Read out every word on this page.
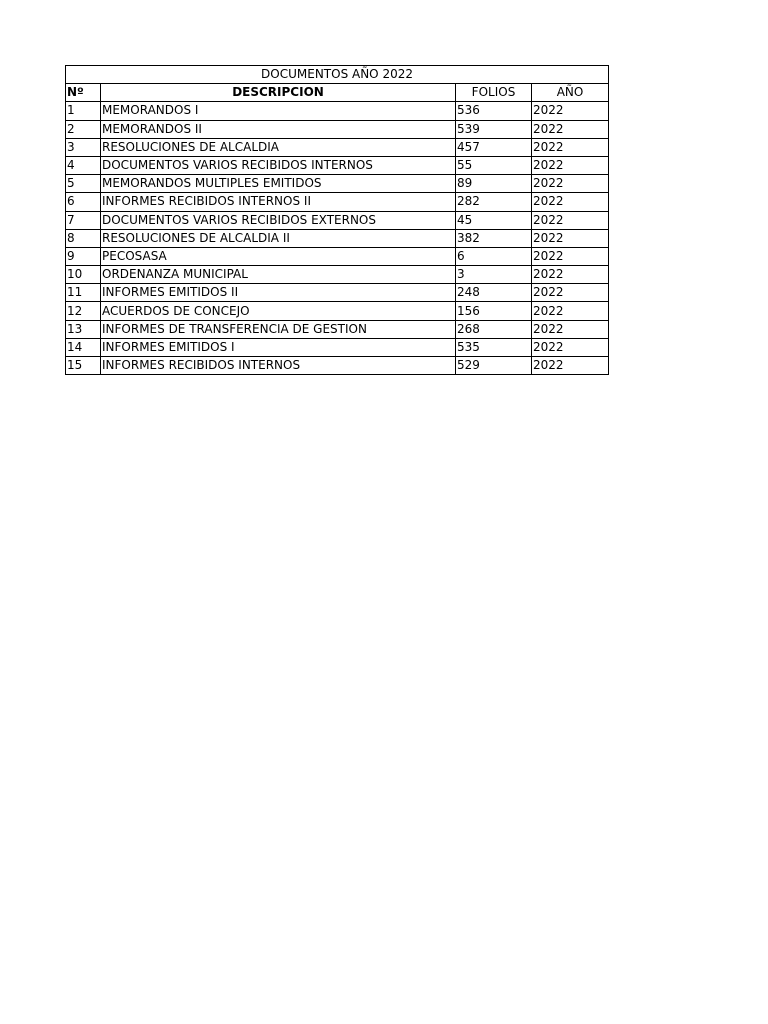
DOCUMENTOS AÑO 2022			
Nº	DESCRIPCION	FOLIOS	AÑO
1	MEMORANDOS I	536	2022
2	MEMORANDOS II	539	2022
3	RESOLUCIONES DE ALCALDIA	457	2022
4	DOCUMENTOS VARIOS RECIBIDOS INTERNOS	55	2022
5	MEMORANDOS MULTIPLES EMITIDOS	89	2022
6	INFORMES RECIBIDOS INTERNOS II	282	2022
7	DOCUMENTOS VARIOS RECIBIDOS EXTERNOS	45	2022
8	RESOLUCIONES DE ALCALDIA II	382	2022
9	PECOSASA	6	2022
10	ORDENANZA MUNICIPAL	3	2022
11	INFORMES EMITIDOS II	248	2022
12	ACUERDOS DE CONCEJO	156	2022
13	INFORMES DE TRANSFERENCIA DE GESTION	268	2022
14	INFORMES EMITIDOS I	535	2022
15	INFORMES RECIBIDOS INTERNOS	529	2022
